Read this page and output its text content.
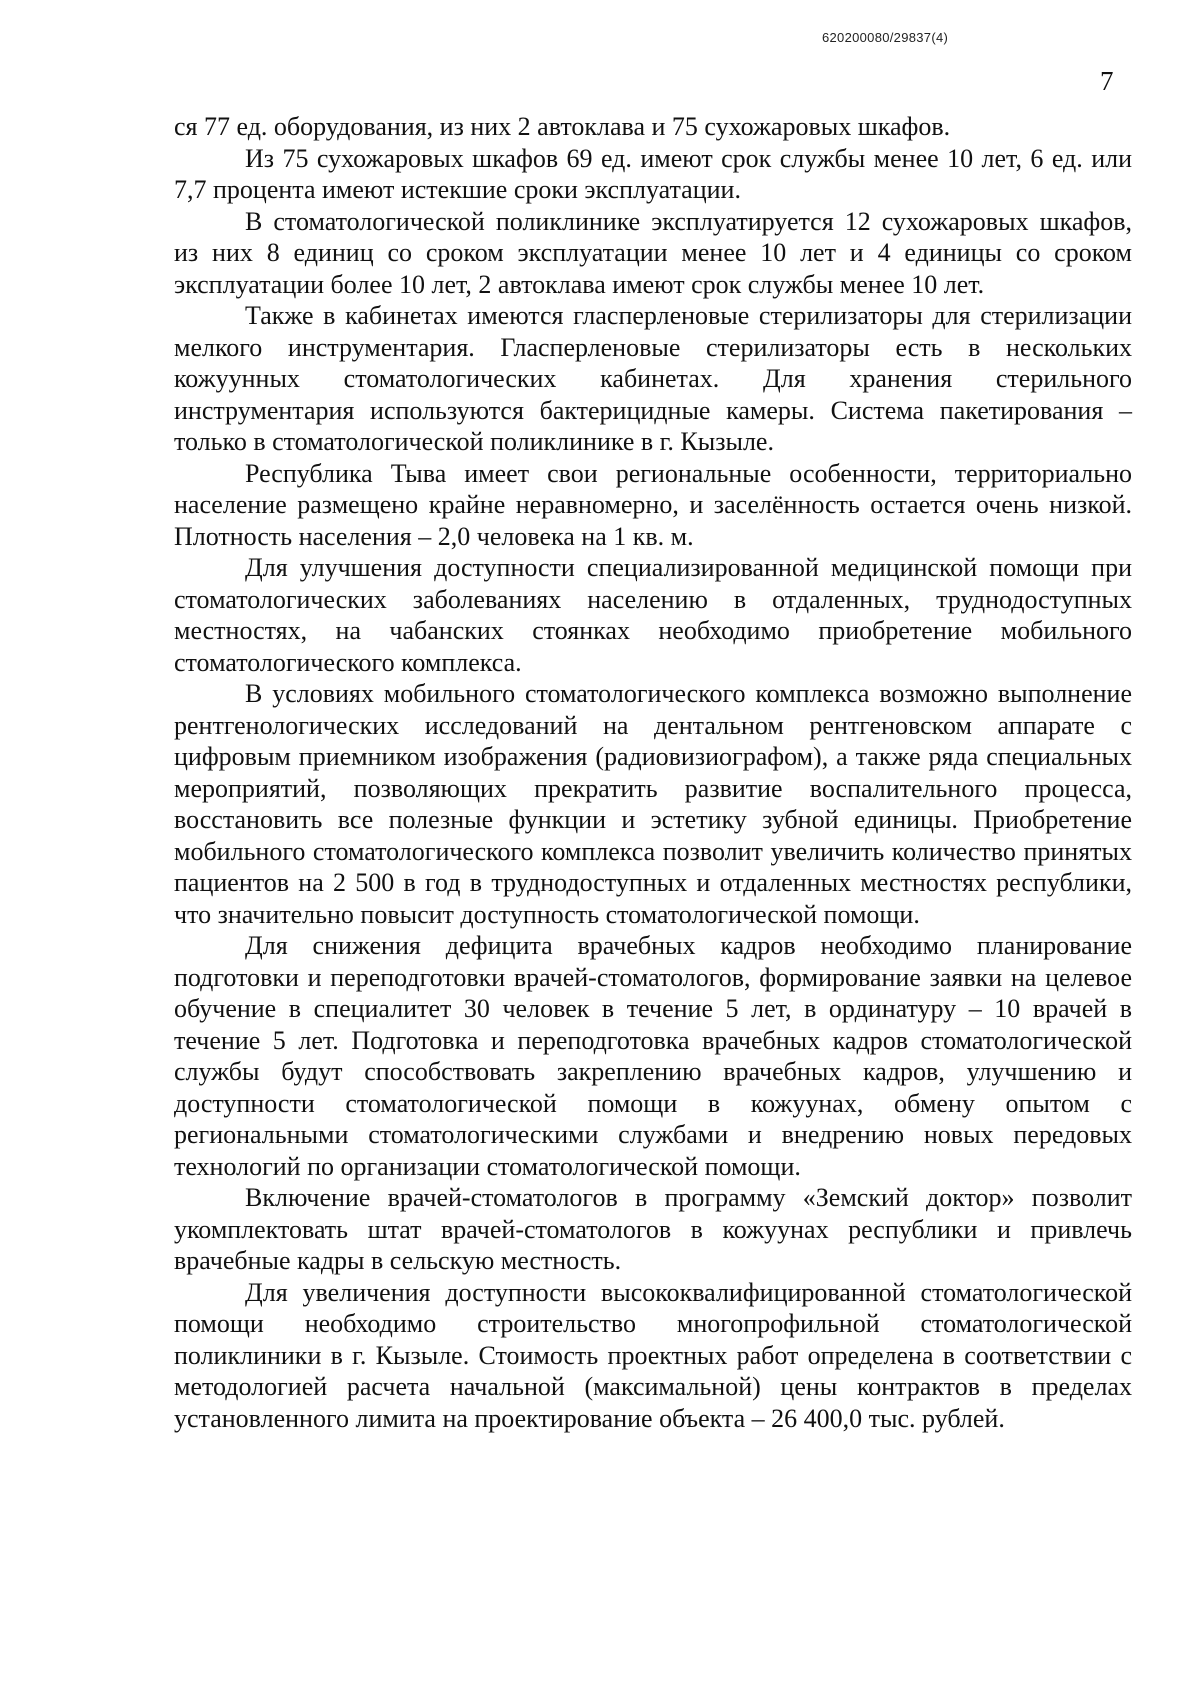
620200080/29837(4)
7

ся 77 ед. оборудования, из них 2 автоклава и 75 сухожаровых шкафов.

Из 75 сухожаровых шкафов 69 ед. имеют срок службы менее 10 лет, 6 ед. или 7,7 процента имеют истекшие сроки эксплуатации.

В стоматологической поликлинике эксплуатируется 12 сухожаровых шкафов, из них 8 единиц со сроком эксплуатации менее 10 лет и 4 единицы со сроком эксплуатации более 10 лет, 2 автоклава имеют срок службы менее 10 лет.

Также в кабинетах имеются гласперленовые стерилизаторы для стерилизации мелкого инструментария. Гласперленовые стерилизаторы есть в нескольких кожуунных стоматологических кабинетах. Для хранения стерильного инструментария используются бактерицидные камеры. Система пакетирования – только в стоматологической поликлинике в г. Кызыле.

Республика Тыва имеет свои региональные особенности, территориально население размещено крайне неравномерно, и заселённость остается очень низкой. Плотность населения – 2,0 человека на 1 кв. м.

Для улучшения доступности специализированной медицинской помощи при стоматологических заболеваниях населению в отдаленных, труднодоступных местностях, на чабанских стоянках необходимо приобретение мобильного стоматологического комплекса.

В условиях мобильного стоматологического комплекса возможно выполнение рентгенологических исследований на дентальном рентгеновском аппарате с цифровым приемником изображения (радиовизиографом), а также ряда специальных мероприятий, позволяющих прекратить развитие воспалительного процесса, восстановить все полезные функции и эстетику зубной единицы. Приобретение мобильного стоматологического комплекса позволит увеличить количество принятых пациентов на 2 500 в год в труднодоступных и отдаленных местностях республики, что значительно повысит доступность стоматологической помощи.

Для снижения дефицита врачебных кадров необходимо планирование подготовки и переподготовки врачей-стоматологов, формирование заявки на целевое обучение в специалитет 30 человек в течение 5 лет, в ординатуру – 10 врачей в течение 5 лет. Подготовка и переподготовка врачебных кадров стоматологической службы будут способствовать закреплению врачебных кадров, улучшению и доступности стоматологической помощи в кожуунах, обмену опытом с региональными стоматологическими службами и внедрению новых передовых технологий по организации стоматологической помощи.

Включение врачей-стоматологов в программу «Земский доктор» позволит укомплектовать штат врачей-стоматологов в кожуунах республики и привлечь врачебные кадры в сельскую местность.

Для увеличения доступности высококвалифицированной стоматологической помощи необходимо строительство многопрофильной стоматологической поликлиники в г. Кызыле. Стоимость проектных работ определена в соответствии с методологией расчета начальной (максимальной) цены контрактов в пределах установленного лимита на проектирование объекта – 26 400,0 тыс. рублей.
